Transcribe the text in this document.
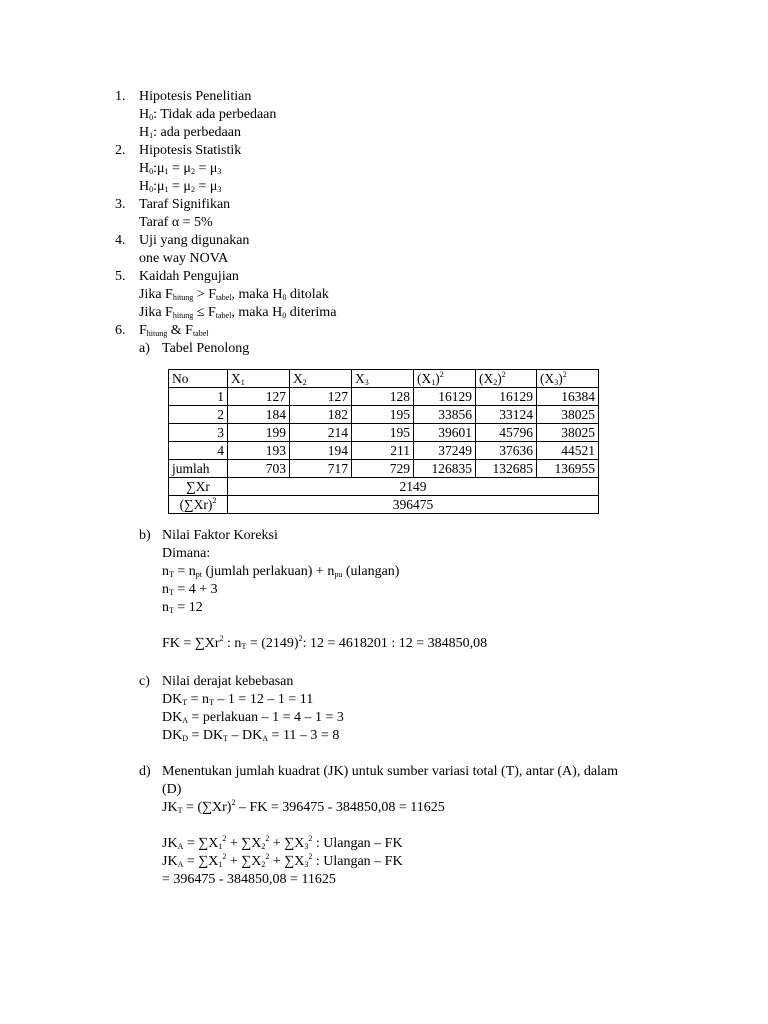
1. Hipotesis Penelitian
$H_0$: Tidak ada perbedaan
$H_1$: ada perbedaan
2. Hipotesis Statistik
$H_0:\mu_1 = \mu_2 = \mu_3$
$H_0:\mu_1 = \mu_2 = \mu_3$
3. Taraf Signifikan
Taraf α = 5%
4. Uji yang digunakan
one way NOVA
5. Kaidah Pengujian
Jika $F_{hitung} > F_{tabel}$, maka $H_0$ ditolak
Jika $F_{hitung} \le F_{tabel}$, maka $H_0$ diterima
6. $F_{hitung}$ & $F_{tabel}$
a) Tabel Penolong
No	$X_1$	$X_2$	$X_3$	$(X_1)^2$	$(X_2)^2$	$(X_3)^2$
1	127	127	128	16129	16129	16384
2	184	182	195	33856	33124	38025
3	199	214	195	39601	45796	38025
4	193	194	211	37249	37636	44521
jumlah	703	717	729	126835	132685	136955
∑Xr	2149					
$(\sum Xr)^2$	396475					
b) Nilai Faktor Koreksi
Dimana:
$n_T = n_{pt}$ (jumlah perlakuan) + $n_{pu}$ (ulangan)
$n_T = 4 + 3$
$n_T = 12$
FK = $\sum Xr^2$ : $n_T = (2149)^2$: 12 = 4618201 : 12 = 384850,08
c) Nilai derajat kebebasan
$DK_T = n_T - 1 = 12 - 1 = 11$
$DK_A$ = perlakuan – 1 = 4 – 1 = 3
$DK_D = DK_T - DK_A = 11 - 3 = 8$
d) Menentukan jumlah kuadrat (JK) untuk sumber variasi total (T), antar (A), dalam
(D)
$JK_T = (\sum Xr)^2$ – FK = 396475 - 384850,08 = 11625
$JK_A = \sum X_1^2 + \sum X_2^2 + \sum X_3^2$ : Ulangan – FK
$JK_A = \sum X_1^2 + \sum X_2^2 + \sum X_3^2$ : Ulangan – FK
= 396475 - 384850,08 = 11625
